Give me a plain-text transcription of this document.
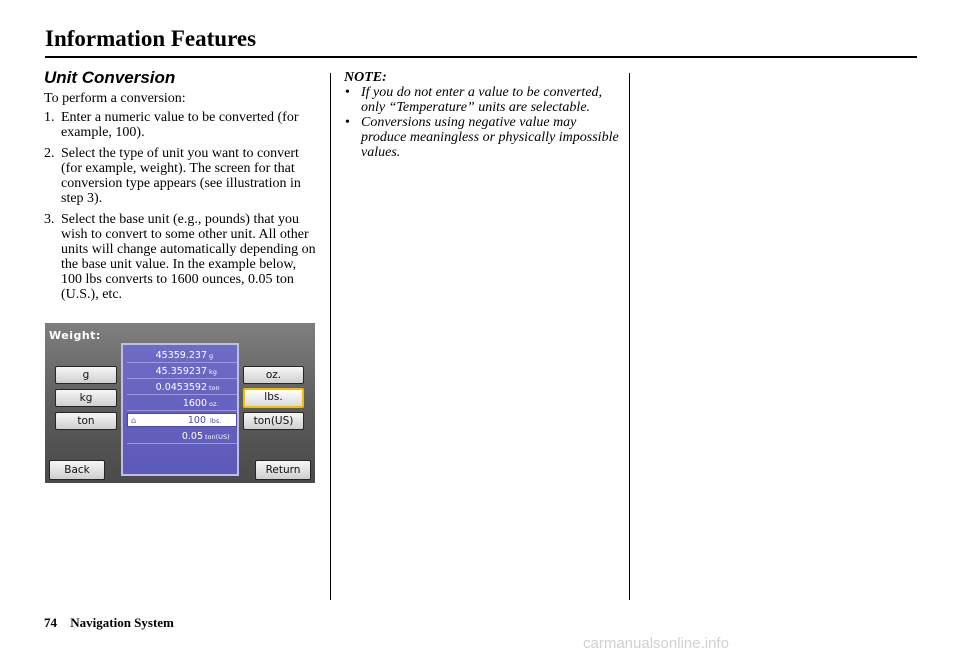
Information Features
Unit Conversion
To perform a conversion:
1. Enter a numeric value to be converted (for example, 100).
2. Select the type of unit you want to convert (for example, weight). The screen for that conversion type appears (see illustration in step 3).
3. Select the base unit (e.g., pounds) that you wish to convert to some other unit. All other units will change automatically depending on the base unit value. In the example below, 100 lbs converts to 1600 ounces, 0.05 ton (U.S.), etc.
Weight:
g
kg
ton
45359.237 g
45.359237 kg
0.0453592 ton
1600 oz.
⌂	100 lbs.
0.05 ton(US)
oz.
lbs.
ton(US)
Back	Return
NOTE:
• If you do not enter a value to be converted, only “Temperature” units are selectable.
• Conversions using negative value may produce meaningless or physically impossible values.
74 Navigation System
carmanualsonline.info
